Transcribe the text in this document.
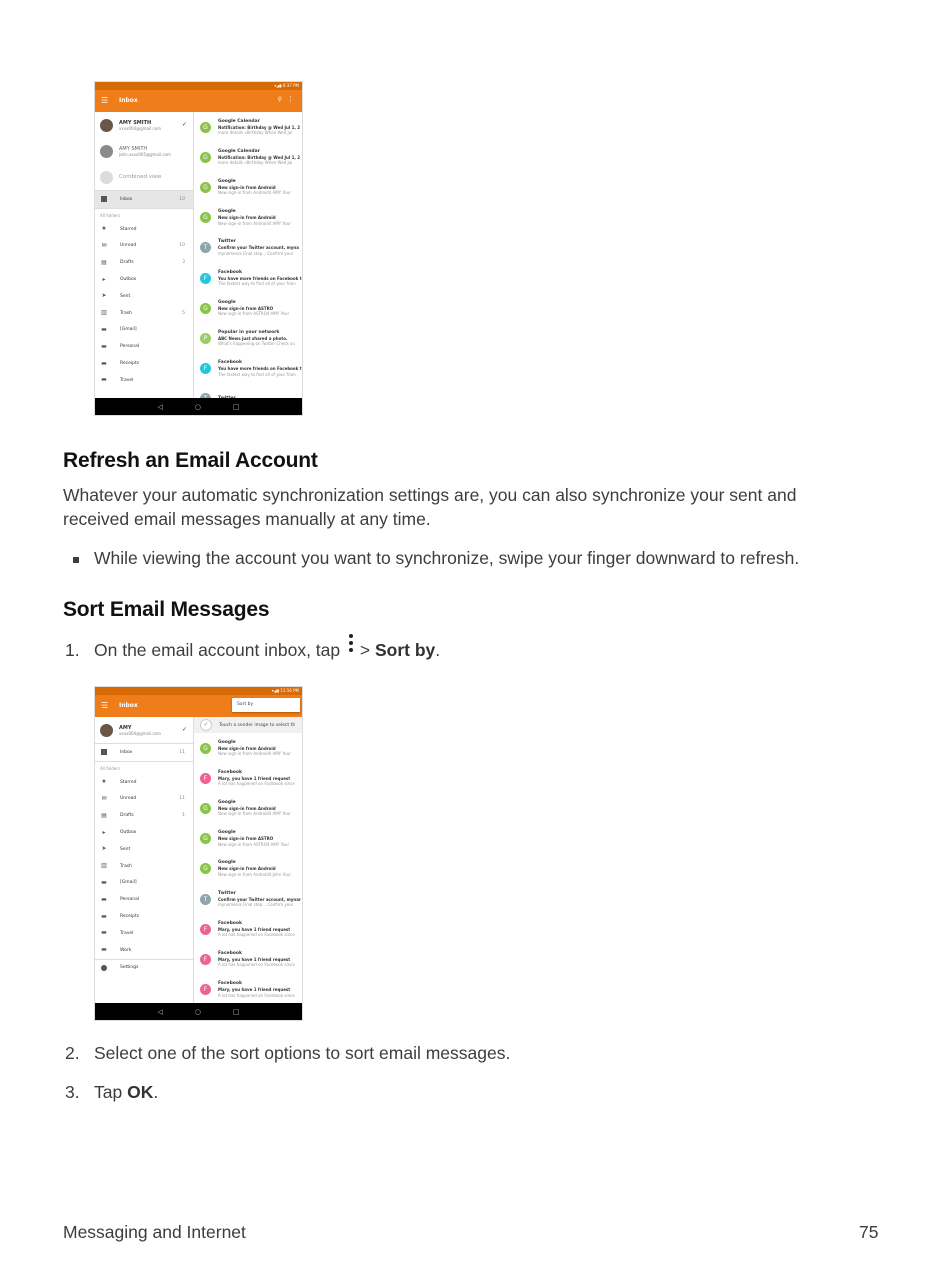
▾◢▮ 6:37 PM
☰ Inbox	⚲ ⋮
AMY SMITH
xxxx004@gmail.com	✓
AMY SMITH
john.xxxx005@gmail.com
Combined view
Inbox	10
All folders
★	Starred
✉	Unread	10
▤	Drafts	3
▸	Outbox
➤	Sent
▥	Trash	5
▬	[Gmail]
▬	Personal
▬	Receipts
▬	Travel
G
Google Calendar
Notification: Birthday @ Wed Jul 1, 2
more details »Birthday When Wed Jul
G
Google Calendar
Notification: Birthday @ Wed Jul 1, 2
more details »Birthday When Wed Jul
G
Google
New sign-in from Android
New sign-in from Android4 AMY Your
G
Google
New sign-in from Android
New sign-in from Android4 AMY Your
T
Twitter
Confirm your Twitter account, myna
mynamesss Final step... Confirm your
F
Facebook
You have more friends on Facebook t
The fastest way to find all of your frien
G
Google
New sign-in from ASTRO
New sign-in from ASTRO4 AMY Your
P
Popular in your network
ABC News just shared a photo.
What's happening on Twitter Check ou
F
Facebook
You have more friends on Facebook t
The fastest way to find all of your frien
◁	○	□
Refresh an Email Account
Whatever your automatic synchronization settings are, you can also synchronize your sent and received email messages manually at any time.
While viewing the account you want to synchronize, swipe your finger downward to refresh.
Sort Email Messages
1. On the email account inbox, tap > Sort by.
▾◢▮ 11:16 PM
☰ Inbox	Sort by
AMY
xxxx004@gmail.com	✓
Inbox	11
All folders
★	Starred
✉	Unread	11
▤	Drafts	1
▸	Outbox
➤	Sent
▥	Trash
▬	[Gmail]
▬	Personal
▬	Receipts
▬	Travel
▬	Work
Settings
✓	Touch a sender image to select th
G
Google
New sign-in from Android
New sign-in from Android4 AMY Your
F
Facebook
Mary, you have 1 friend request
A lot has happened on Facebook since
G
Google
New sign-in from Android
New sign-in from Android4 AMY Your
G
Google
New sign-in from ASTRO
New sign-in from ASTRO4 AMY Your
G
Google
New sign-in from Android
New sign-in from Android4 John Your
T
Twitter
Confirm your Twitter account, mynar
mynamesss Final step... Confirm your
F
Facebook
Mary, you have 1 friend request
A lot has happened on Facebook since
F
Facebook
Mary, you have 1 friend request
A lot has happened on Facebook since
F
Facebook
Mary, you have 1 friend request
A lot has happened on Facebook since
◁	○	□
2. Select one of the sort options to sort email messages.
3. Tap OK.
Messaging and Internet	75
